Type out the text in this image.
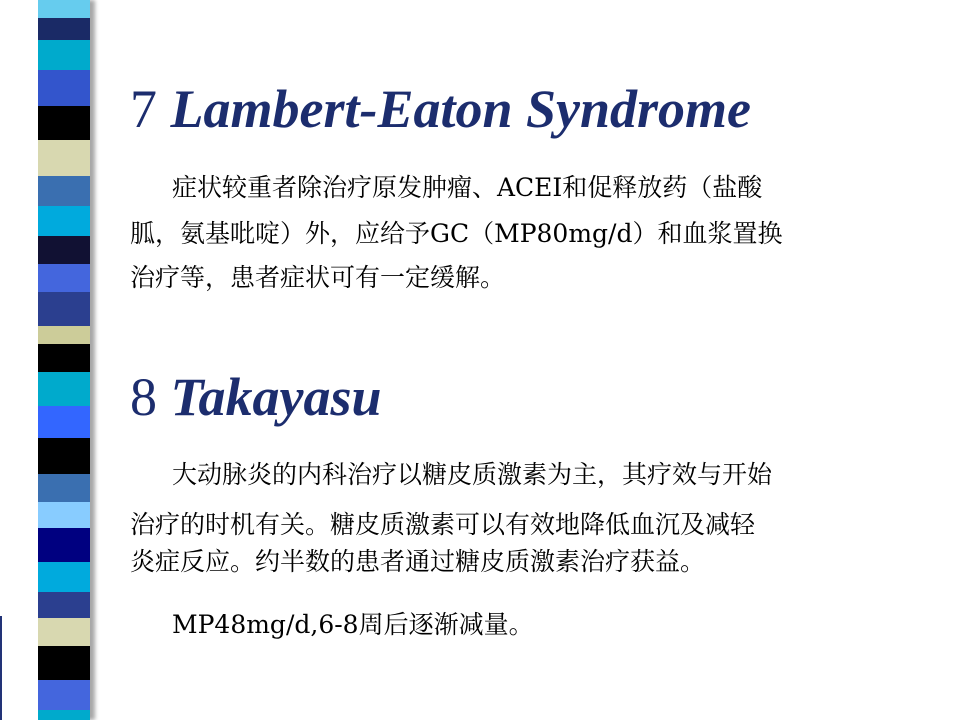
7 Lambert-Eaton Syndrome
症状较重者除治疗原发肿瘤、ACEI和促释放药（盐酸
胍，氨基吡啶）外，应给予GC（MP80mg/d）和血浆置换
治疗等，患者症状可有一定缓解。
8 Takayasu
大动脉炎的内科治疗以糖皮质激素为主，其疗效与开始
治疗的时机有关。糖皮质激素可以有效地降低血沉及减轻
炎症反应。约半数的患者通过糖皮质激素治疗获益。
MP48mg/d,6-8周后逐渐减量。
